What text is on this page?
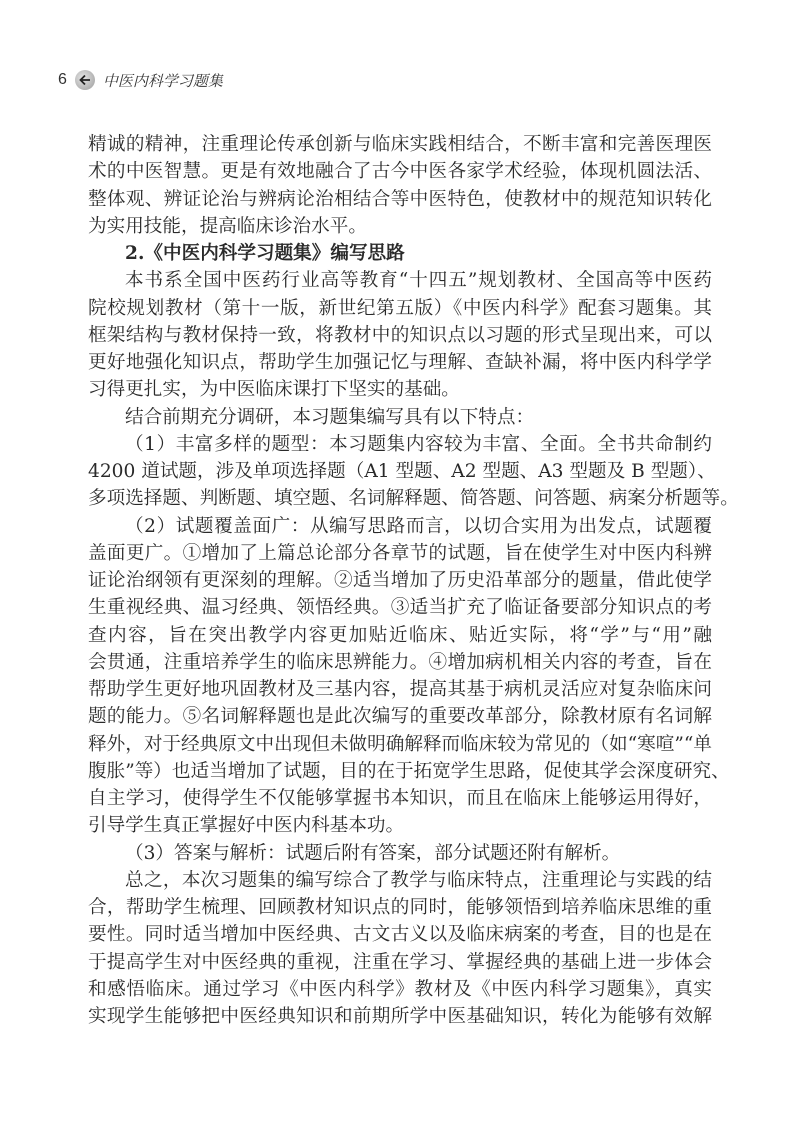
6 中医内科学习题集
精诚的精神，注重理论传承创新与临床实践相结合，不断丰富和完善医理医
术的中医智慧。更是有效地融合了古今中医各家学术经验，体现机圆法活、
整体观、辨证论治与辨病论治相结合等中医特色，使教材中的规范知识转化
为实用技能，提高临床诊治水平。
2.《中医内科学习题集》编写思路
本书系全国中医药行业高等教育“十四五”规划教材、全国高等中医药
院校规划教材（第十一版，新世纪第五版）《中医内科学》配套习题集。其
框架结构与教材保持一致，将教材中的知识点以习题的形式呈现出来，可以
更好地强化知识点，帮助学生加强记忆与理解、查缺补漏，将中医内科学学
习得更扎实，为中医临床课打下坚实的基础。
结合前期充分调研，本习题集编写具有以下特点：
（1）丰富多样的题型：本习题集内容较为丰富、全面。全书共命制约
4200 道试题，涉及单项选择题（A1 型题、A2 型题、A3 型题及 B 型题）、
多项选择题、判断题、填空题、名词解释题、简答题、问答题、病案分析题等。
（2）试题覆盖面广：从编写思路而言，以切合实用为出发点，试题覆
盖面更广。①增加了上篇总论部分各章节的试题，旨在使学生对中医内科辨
证论治纲领有更深刻的理解。②适当增加了历史沿革部分的题量，借此使学
生重视经典、温习经典、领悟经典。③适当扩充了临证备要部分知识点的考
查内容，旨在突出教学内容更加贴近临床、贴近实际，将“学”与“用”融
会贯通，注重培养学生的临床思辨能力。④增加病机相关内容的考查，旨在
帮助学生更好地巩固教材及三基内容，提高其基于病机灵活应对复杂临床问
题的能力。⑤名词解释题也是此次编写的重要改革部分，除教材原有名词解
释外，对于经典原文中出现但未做明确解释而临床较为常见的（如“寒喧”“单
腹胀”等）也适当增加了试题，目的在于拓宽学生思路，促使其学会深度研究、
自主学习，使得学生不仅能够掌握书本知识，而且在临床上能够运用得好，
引导学生真正掌握好中医内科基本功。
（3）答案与解析：试题后附有答案，部分试题还附有解析。
总之，本次习题集的编写综合了教学与临床特点，注重理论与实践的结
合，帮助学生梳理、回顾教材知识点的同时，能够领悟到培养临床思维的重
要性。同时适当增加中医经典、古文古义以及临床病案的考查，目的也是在
于提高学生对中医经典的重视，注重在学习、掌握经典的基础上进一步体会
和感悟临床。通过学习《中医内科学》教材及《中医内科学习题集》，真实
实现学生能够把中医经典知识和前期所学中医基础知识，转化为能够有效解
